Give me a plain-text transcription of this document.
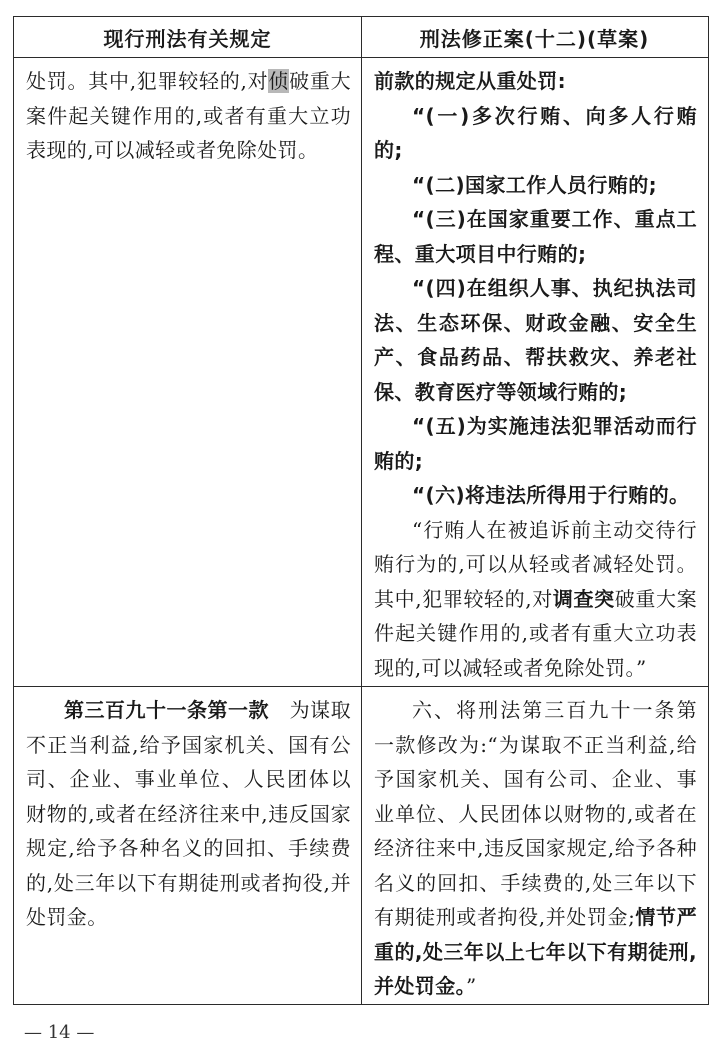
现行刑法有关规定	刑法修正案(十二)(草案)

处罚。其中,犯罪较轻的,对侦破重大案件起关键作用的,或者有重大立功表现的,可以减轻或者免除处罚。

前款的规定从重处罚:

“(一)多次行贿、向多人行贿的;

“(二)国家工作人员行贿的;

“(三)在国家重要工作、重点工程、重大项目中行贿的;

“(四)在组织人事、执纪执法司法、生态环保、财政金融、安全生产、食品药品、帮扶救灾、养老社保、教育医疗等领域行贿的;

“(五)为实施违法犯罪活动而行贿的;

“(六)将违法所得用于行贿的。

“行贿人在被追诉前主动交待行贿行为的,可以从轻或者减轻处罚。其中,犯罪较轻的,对调查突破重大案件起关键作用的,或者有重大立功表现的,可以减轻或者免除处罚。”

第三百九十一条第一款　为谋取不正当利益,给予国家机关、国有公司、企业、事业单位、人民团体以财物的,或者在经济往来中,违反国家规定,给予各种名义的回扣、手续费的,处三年以下有期徒刑或者拘役,并处罚金。

六、将刑法第三百九十一条第一款修改为:“为谋取不正当利益,给予国家机关、国有公司、企业、事业单位、人民团体以财物的,或者在经济往来中,违反国家规定,给予各种名义的回扣、手续费的,处三年以下有期徒刑或者拘役,并处罚金;情节严重的,处三年以上七年以下有期徒刑,并处罚金。”

— 14 —
